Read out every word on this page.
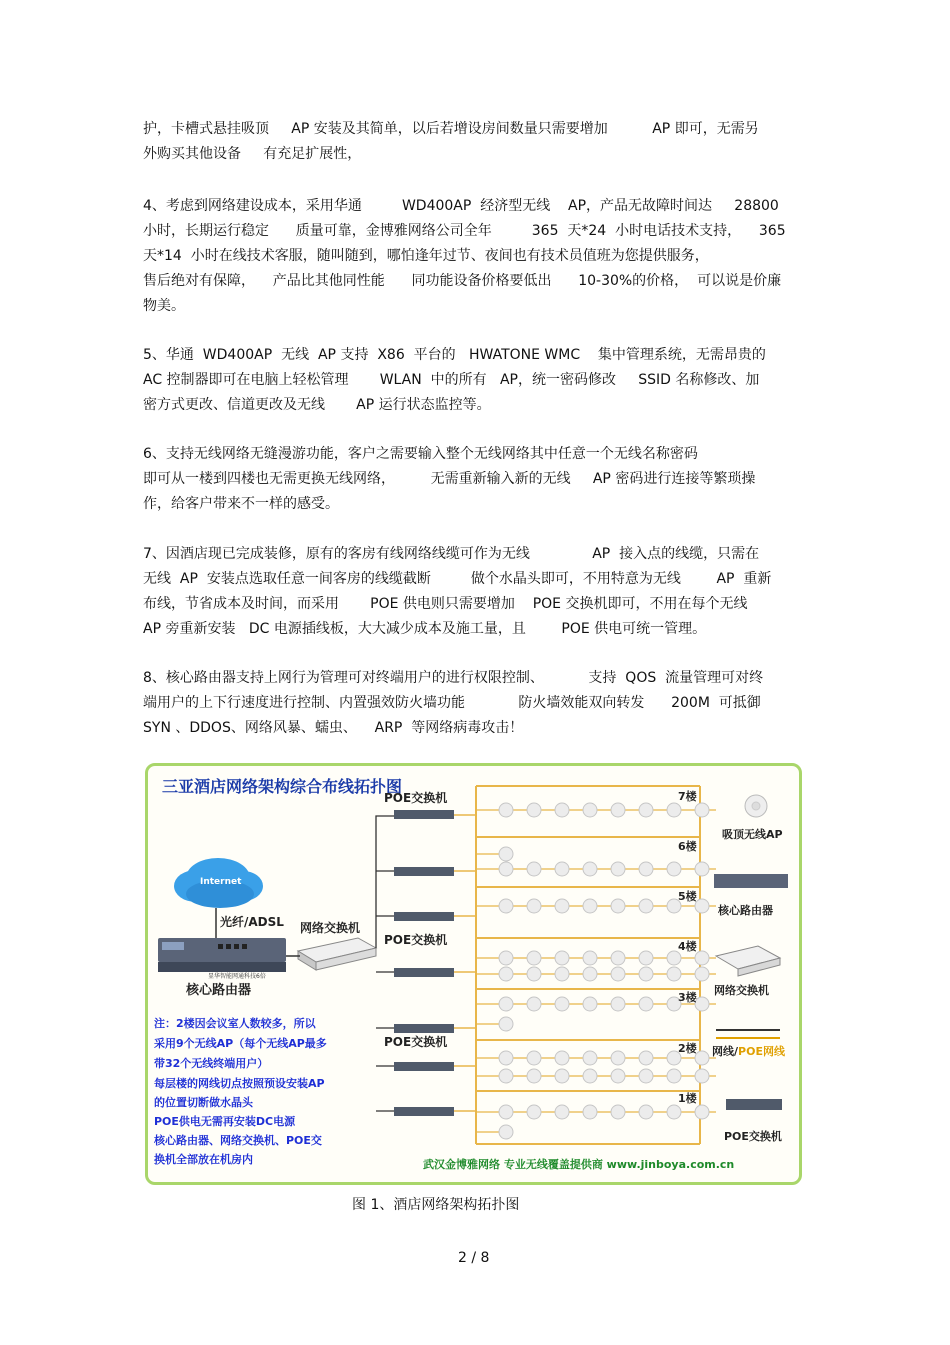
护，卡槽式悬挂吸顶     AP 安装及其简单，以后若增设房间数量只需要增加          AP 即可，无需另
外购买其他设备     有充足扩展性，
4、考虑到网络建设成本，采用华通         WD400AP  经济型无线    AP，产品无故障时间达     28800
小时，长期运行稳定      质量可靠，金博雅网络公司全年         365  天*24  小时电话技术支持，    365
天*14  小时在线技术客服，随叫随到，哪怕逢年过节、夜间也有技术员值班为您提供服务，
售后绝对有保障，    产品比其他同性能      同功能设备价格要低出      10-30%的价格，  可以说是价廉
物美。
5、华通  WD400AP  无线  AP 支持  X86  平台的   HWATONE WMC    集中管理系统，无需昂贵的
AC 控制器即可在电脑上轻松管理       WLAN  中的所有   AP，统一密码修改     SSID 名称修改、加
密方式更改、信道更改及无线       AP 运行状态监控等。
6、支持无线网络无缝漫游功能，客户之需要输入整个无线网络其中任意一个无线名称密码
即可从一楼到四楼也无需更换无线网络，        无需重新输入新的无线     AP 密码进行连接等繁琐操
作，给客户带来不一样的感受。
7、因酒店现已完成装修，原有的客房有线网络线缆可作为无线              AP  接入点的线缆，只需在
无线  AP  安装点选取任意一间客房的线缆截断         做个水晶头即可，不用特意为无线        AP  重新
布线，节省成本及时间，而采用       POE 供电则只需要增加    POE 交换机即可，不用在每个无线
AP 旁重新安装   DC 电源插线板，大大减少成本及施工量，且        POE 供电可统一管理。
8、核心路由器支持上网行为管理可对终端用户的进行权限控制、          支持  QOS  流量管理可对终
端用户的上下行速度进行控制、内置强效防火墙功能            防火墙效能双向转发      200M  可抵御
SYN 、DDOS、网络风暴、蠕虫、    ARP  等网络病毒攻击！
三亚酒店网络架构综合布线拓扑图
Internet
光纤/ADSL
显华智能网通科技6倍
核心路由器
网络交换机
POE交换机
POE交换机
POE交换机
7楼
6楼
5楼
4楼
3楼
2楼
1楼
注：2楼因会议室人数较多，所以
采用9个无线AP（每个无线AP最多
带32个无线终端用户）
每层楼的网线切点按照预设安装AP
的位置切断做水晶头
POE供电无需再安装DC电源
核心路由器、网络交换机、POE交
换机全部放在机房内
吸顶无线AP
核心路由器
网络交换机
网线/POE网线
POE交换机
武汉金博雅网络 专业无线覆盖提供商 www.jinboya.com.cn
图 1、酒店网络架构拓扑图
2 / 8
